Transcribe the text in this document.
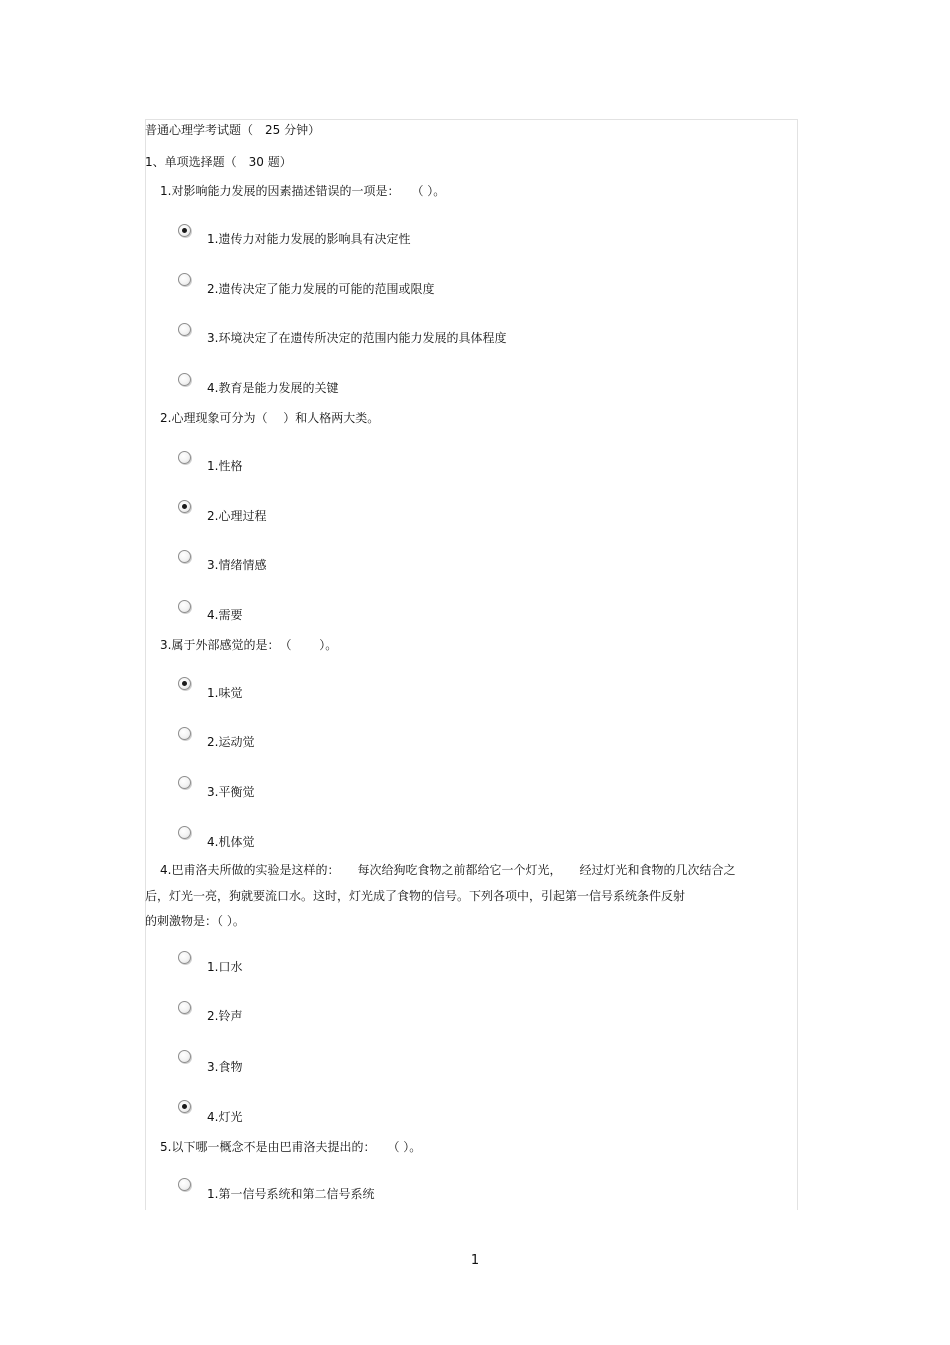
普通心理学考试题（　25 分钟）
1、单项选择题（　30 题）
1.对影响能力发展的因素描述错误的一项是：　　（ ）。
1.遗传力对能力发展的影响具有决定性
2.遗传决定了能力发展的可能的范围或限度
3.环境决定了在遗传所决定的范围内能力发展的具体程度
4.教育是能力发展的关键
2.心理现象可分为（　 ）和人格两大类。
1.性格
2.心理过程
3.情绪情感
4.需要
3.属于外部感觉的是：　（　　 ）。
1.味觉
2.运动觉
3.平衡觉
4.机体觉
4.巴甫洛夫所做的实验是这样的：　　每次给狗吃食物之前都给它一个灯光，　　经过灯光和食物的几次结合之
后，灯光一亮，狗就要流口水。这时，灯光成了食物的信号。下列各项中，引起第一信号系统条件反射
的刺激物是：（ ）。
1.口水
2.铃声
3.食物
4.灯光
5.以下哪一概念不是由巴甫洛夫提出的：　　（ ）。
1.第一信号系统和第二信号系统
1
